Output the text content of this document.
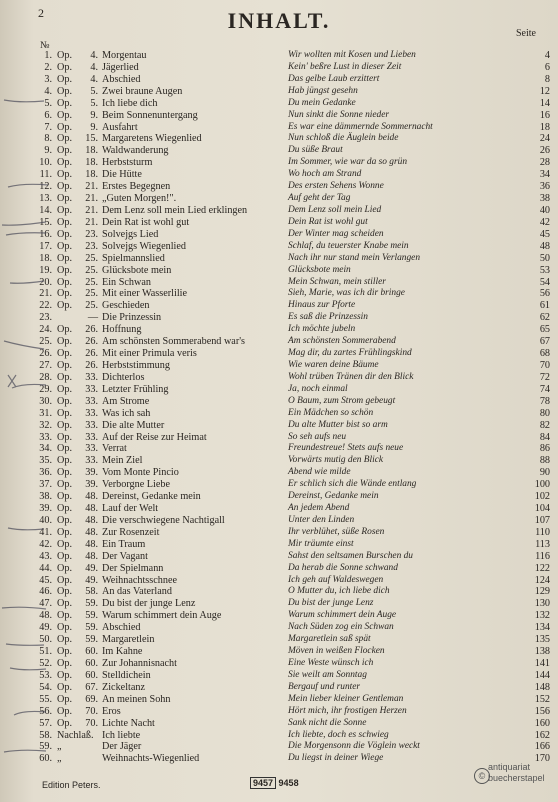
2	INHALT.
№
Seite
1. Op.	4. Morgentau	Wir wollten mit Kosen und Lieben	4
2. Op.	4. Jägerlied	Kein' beßre Lust in dieser Zeit	6
3. Op.	4. Abschied	Das gelbe Laub erzittert	8
4. Op.	5. Zwei braune Augen	Hab jüngst gesehn	12
5. Op.	5. Ich liebe dich	Du mein Gedanke	14
6. Op.	9. Beim Sonnenuntergang	Nun sinkt die Sonne nieder	16
7. Op.	9. Ausfahrt	Es war eine dämmernde Sommernacht	18
8. Op.	15. Margaretens Wiegenlied	Nun schloß die Äuglein beide	24
9. Op.	18. Waldwanderung	Du süße Braut	26
10. Op.	18. Herbststurm	Im Sommer, wie war da so grün	28
11. Op.	18. Die Hütte	Wo hoch am Strand	34
12. Op.	21. Erstes Begegnen	Des ersten Sehens Wonne	36
13. Op.	21. „Guten Morgen!".	Auf geht der Tag	38
14. Op.	21. Dem Lenz soll mein Lied erklingen	Dem Lenz soll mein Lied	40
15. Op.	21. Dein Rat ist wohl gut	Dein Rat ist wohl gut	42
16. Op.	23. Solvejgs Lied	Der Winter mag scheiden	45
17. Op.	23. Solvejgs Wiegenlied	Schlaf, du teuerster Knabe mein	48
18. Op.	25. Spielmannslied	Nach ihr nur stand mein Verlangen	50
19. Op.	25. Glücksbote mein	Glücksbote mein	53
20. Op.	25. Ein Schwan	Mein Schwan, mein stiller	54
21. Op.	25. Mit einer Wasserlilie	Sieh, Marie, was ich dir bringe	56
22. Op.	25. Geschieden	Hinaus zur Pforte	61
23.	— Die Prinzessin	Es saß die Prinzessin	62
24. Op.	26. Hoffnung	Ich möchte jubeln	65
25. Op.	26. Am schönsten Sommerabend war's	Am schönsten Sommerabend	67
26. Op.	26. Mit einer Primula veris	Mag dir, du zartes Frühlingskind	68
27. Op.	26. Herbststimmung	Wie waren deine Bäume	70
28. Op.	33. Dichterlos	Wohl trüben Tränen dir den Blick	72
29. Op.	33. Letzter Frühling	Ja, noch einmal	74
30. Op.	33. Am Strome	O Baum, zum Strom gebeugt	78
31. Op.	33. Was ich sah	Ein Mädchen so schön	80
32. Op.	33. Die alte Mutter	Du alte Mutter bist so arm	82
33. Op.	33. Auf der Reise zur Heimat	So seh aufs neu	84
34. Op.	33. Verrat	Freundestreue! Stets aufs neue	86
35. Op.	33. Mein Ziel	Vorwärts mutig den Blick	88
36. Op.	39. Vom Monte Pincio	Abend wie milde	90
37. Op.	39. Verborgne Liebe	Er schlich sich die Wände entlang	100
38. Op.	48. Dereinst, Gedanke mein	Dereinst, Gedanke mein	102
39. Op.	48. Lauf der Welt	An jedem Abend	104
40. Op.	48. Die verschwiegene Nachtigall	Unter den Linden	107
41. Op.	48. Zur Rosenzeit	Ihr verblühet, süße Rosen	110
42. Op.	48. Ein Traum	Mir träumte einst	113
43. Op.	48. Der Vagant	Sahst den seltsamen Burschen du	116
44. Op.	49. Der Spielmann	Da herab die Sonne schwand	122
45. Op.	49. Weihnachtsschnee	Ich geh auf Waldeswegen	124
46. Op.	58. An das Vaterland	O Mutter du, ich liebe dich	129
47. Op.	59. Du bist der junge Lenz	Du bist der junge Lenz	130
48. Op.	59. Warum schimmert dein Auge	Warum schimmert dein Auge	132
49. Op.	59. Abschied	Nach Süden zog ein Schwan	134
50. Op.	59. Margaretlein	Margaretlein saß spät	135
51. Op.	60. Im Kahne	Möven in weißen Flocken	138
52. Op.	60. Zur Johannisnacht	Eine Weste wünsch ich	141
53. Op.	60. Stelldichein	Sie weilt am Sonntag	144
54. Op.	67. Zickeltanz	Bergauf und runter	148
55. Op.	69. An meinen Sohn	Mein lieber kleiner Gentleman	152
56. Op.	70. Eros	Hört mich, ihr frostigen Herzen	156
57. Op.	70. Lichte Nacht	Sank nicht die Sonne	160
58. Nachlaß. Ich liebte	Ich liebte, doch es schwieg	162
59. „	Der Jäger	Die Morgensonn die Vöglein weckt	166
60. „	Weihnachts-Wiegenlied	Du liegst in deiner Wiege	170
Edition Peters.	9457 9458
©
antiquariat
buecherstapel
